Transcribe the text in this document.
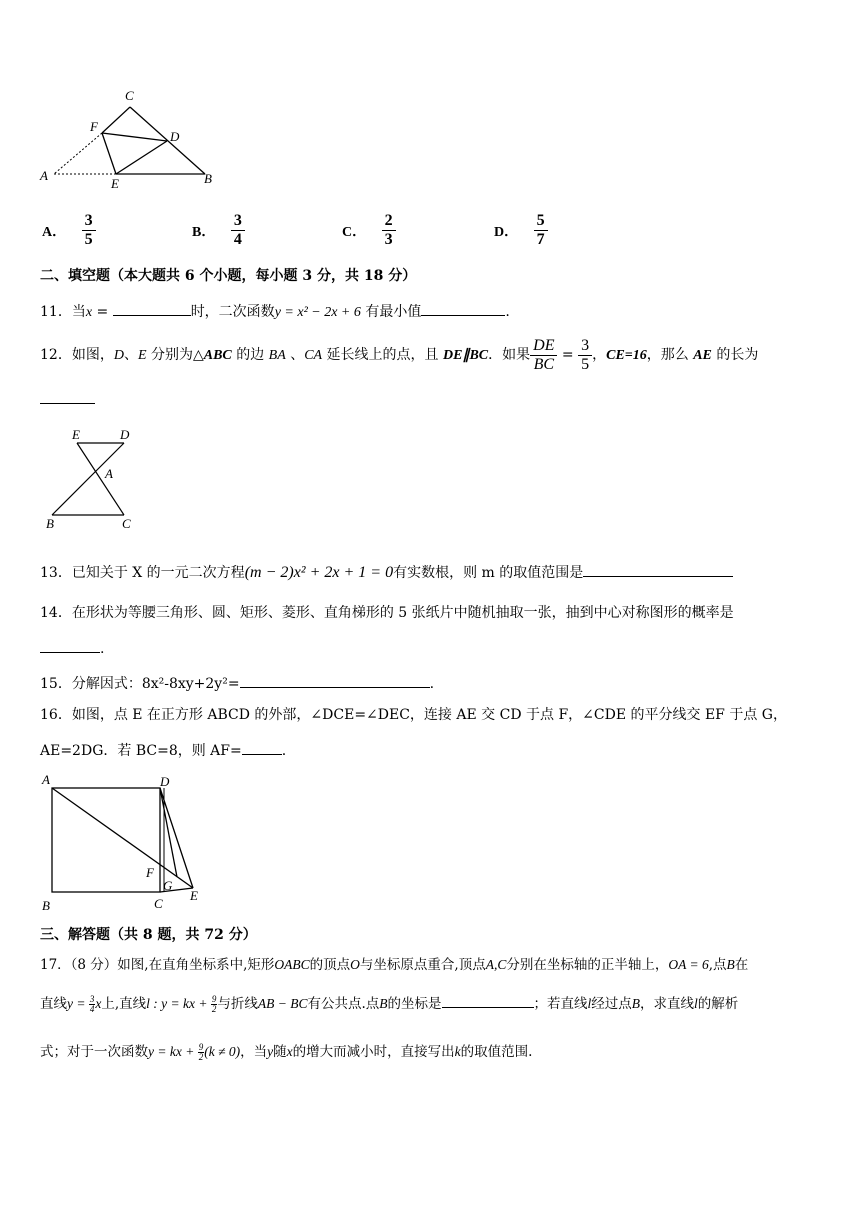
C
F
D
A
E	B
A． $\frac{3}{5}$	B． $\frac{3}{4}$	C． $\frac{2}{3}$	D． $\frac{5}{7}$
二、填空题（本大题共 6 个小题，每小题 3 分，共 18 分）
11．当x =	时，二次函数y = x² − 2x + 6 有最小值	.
12．如图，D、E 分别为△ABC 的边 BA 、CA 延长线上的点，且 DE∥BC．如果 $\frac{DE}{BC} = \frac{3}{5}$ ，CE=16，那么 AE 的长为
E	D
A
B	C
13．已知关于 X 的一元二次方程(m − 2)x² + 2x + 1 = 0有实数根，则 m 的取值范围是
14．在形状为等腰三角形、圆、矩形、菱形、直角梯形的 5 张纸片中随机抽取一张，抽到中心对称图形的概率是
.
15．分解因式：8x²-8xy+2y²=	.
16．如图，点 E 在正方形 ABCD 的外部，∠DCE=∠DEC，连接 AE 交 CD 于点 F，∠CDE 的平分线交 EF 于点 G，
AE=2DG．若 BC=8，则 AF=	.
A	D
F
G
E
B	C
三、解答题（共 8 题，共 72 分）
17．（8 分）如图,在直角坐标系中,矩形OABC的顶点O与坐标原点重合,顶点A,C分别在坐标轴的正半轴上，OA = 6,点B在
直线$y = \frac{3}{4}$ x上,直线l : y = kx + $\frac{9}{2}$ 与折线AB − BC有公共点.点B的坐标是	；若直线l经过点B，求直线l的解析
式；对于一次函数y = kx + $\frac{9}{2} (k \ne 0)$，当y随x的增大而减小时，直接写出k的取值范围.
